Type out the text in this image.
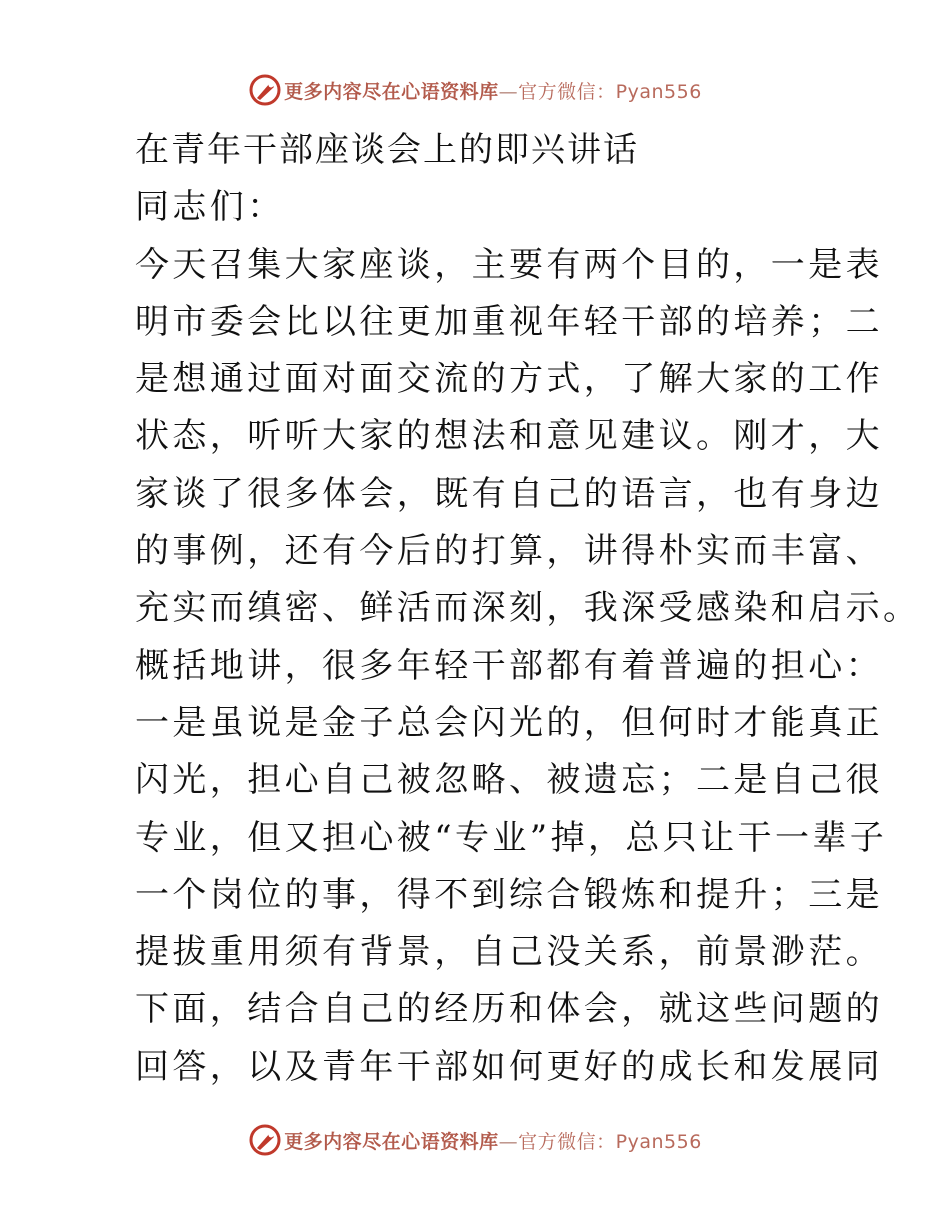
更多内容尽在心语资料库—官方微信：Pyan556
在青年干部座谈会上的即兴讲话
同志们：
今天召集大家座谈，主要有两个目的，一是表
明市委会比以往更加重视年轻干部的培养；二
是想通过面对面交流的方式，了解大家的工作
状态，听听大家的想法和意见建议。刚才，大
家谈了很多体会，既有自己的语言，也有身边
的事例，还有今后的打算，讲得朴实而丰富、
充实而缜密、鲜活而深刻，我深受感染和启示。
概括地讲，很多年轻干部都有着普遍的担心：
一是虽说是金子总会闪光的，但何时才能真正
闪光，担心自己被忽略、被遗忘；二是自己很
专业，但又担心被“专业”掉，总只让干一辈子
一个岗位的事，得不到综合锻炼和提升；三是
提拔重用须有背景，自己没关系，前景渺茫。
下面，结合自己的经历和体会，就这些问题的
回答，以及青年干部如何更好的成长和发展同
更多内容尽在心语资料库—官方微信：Pyan556
